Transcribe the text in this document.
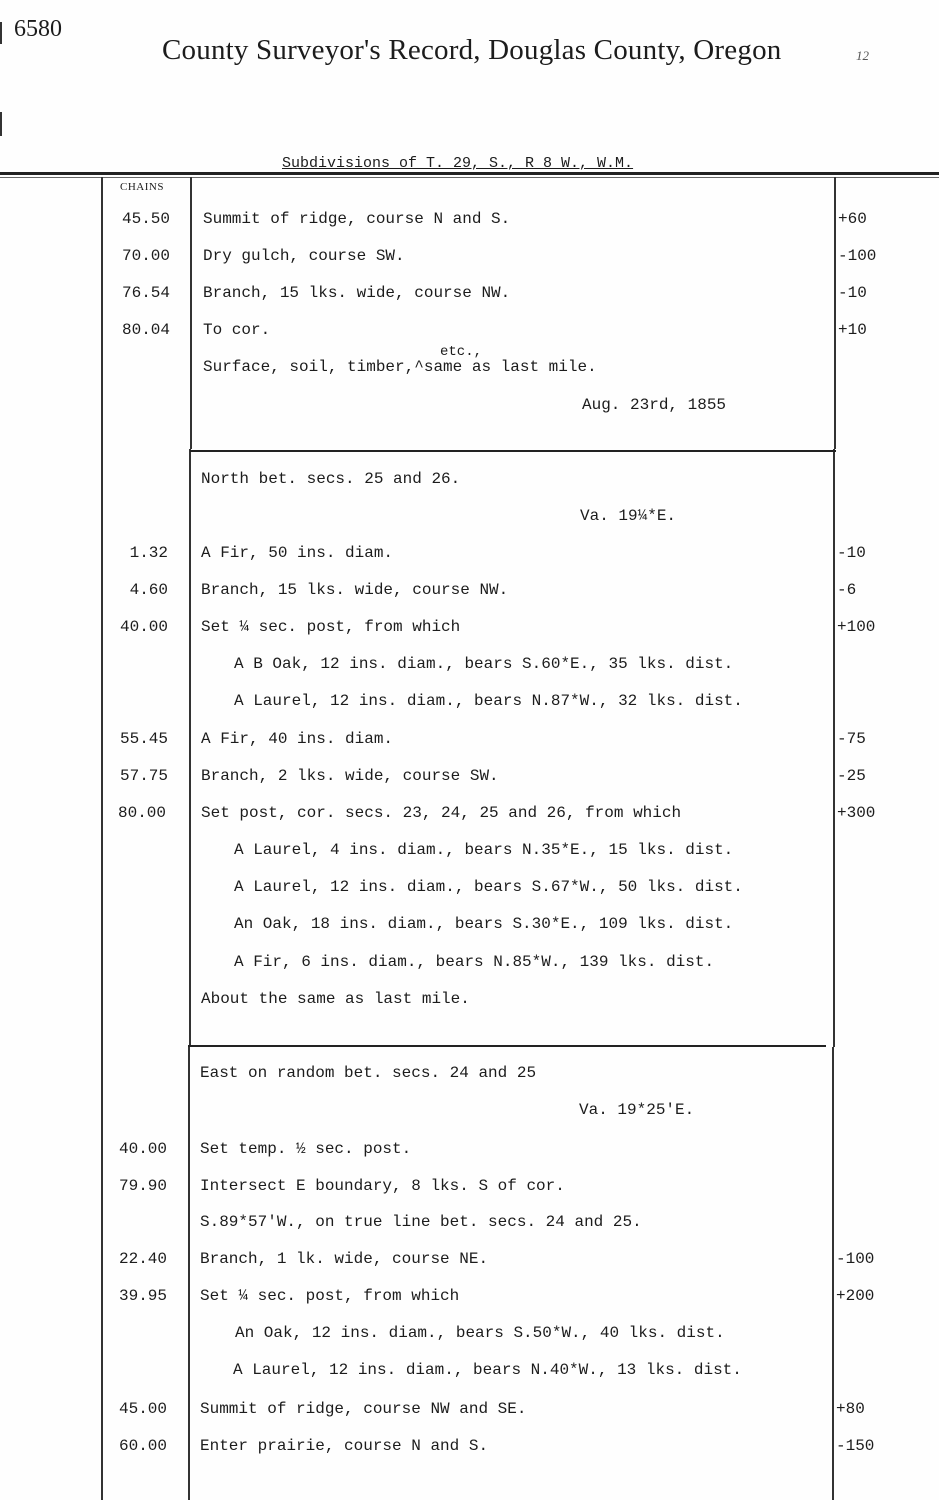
6580
County Surveyor's Record, Douglas County, Oregon	12
Subdivisions of T. 29, S., R 8 W., W.M.
CHAINS
45.50 Summit of ridge, course N and S.	+60
70.00 Dry gulch, course SW.	-100
76.54 Branch, 15 lks. wide, course NW.	-10
80.04 To cor.	+10
etc.,
Surface, soil, timber,^same as last mile.
Aug. 23rd, 1855
North bet. secs. 25 and 26.
Va. 19¼*E.
1.32 A Fir, 50 ins. diam.	-10
4.60 Branch, 15 lks. wide, course NW.	-6
40.00 Set ¼ sec. post, from which	+100
A B Oak, 12 ins. diam., bears S.60*E., 35 lks. dist.
A Laurel, 12 ins. diam., bears N.87*W., 32 lks. dist.
55.45 A Fir, 40 ins. diam.	-75
57.75 Branch, 2 lks. wide, course SW.	-25
80.00 Set post, cor. secs. 23, 24, 25 and 26, from which	+300
A Laurel, 4 ins. diam., bears N.35*E., 15 lks. dist.
A Laurel, 12 ins. diam., bears S.67*W., 50 lks. dist.
An Oak, 18 ins. diam., bears S.30*E., 109 lks. dist.
A Fir, 6 ins. diam., bears N.85*W., 139 lks. dist.
About the same as last mile.
East on random bet. secs. 24 and 25
Va. 19*25'E.
40.00 Set temp. ½ sec. post.
79.90 Intersect E boundary, 8 lks. S of cor.
S.89*57'W., on true line bet. secs. 24 and 25.
22.40 Branch, 1 lk. wide, course NE.	-100
39.95 Set ¼ sec. post, from which	+200
An Oak, 12 ins. diam., bears S.50*W., 40 lks. dist.
A Laurel, 12 ins. diam., bears N.40*W., 13 lks. dist.
45.00 Summit of ridge, course NW and SE.	+80
60.00 Enter prairie, course N and S.	-150
